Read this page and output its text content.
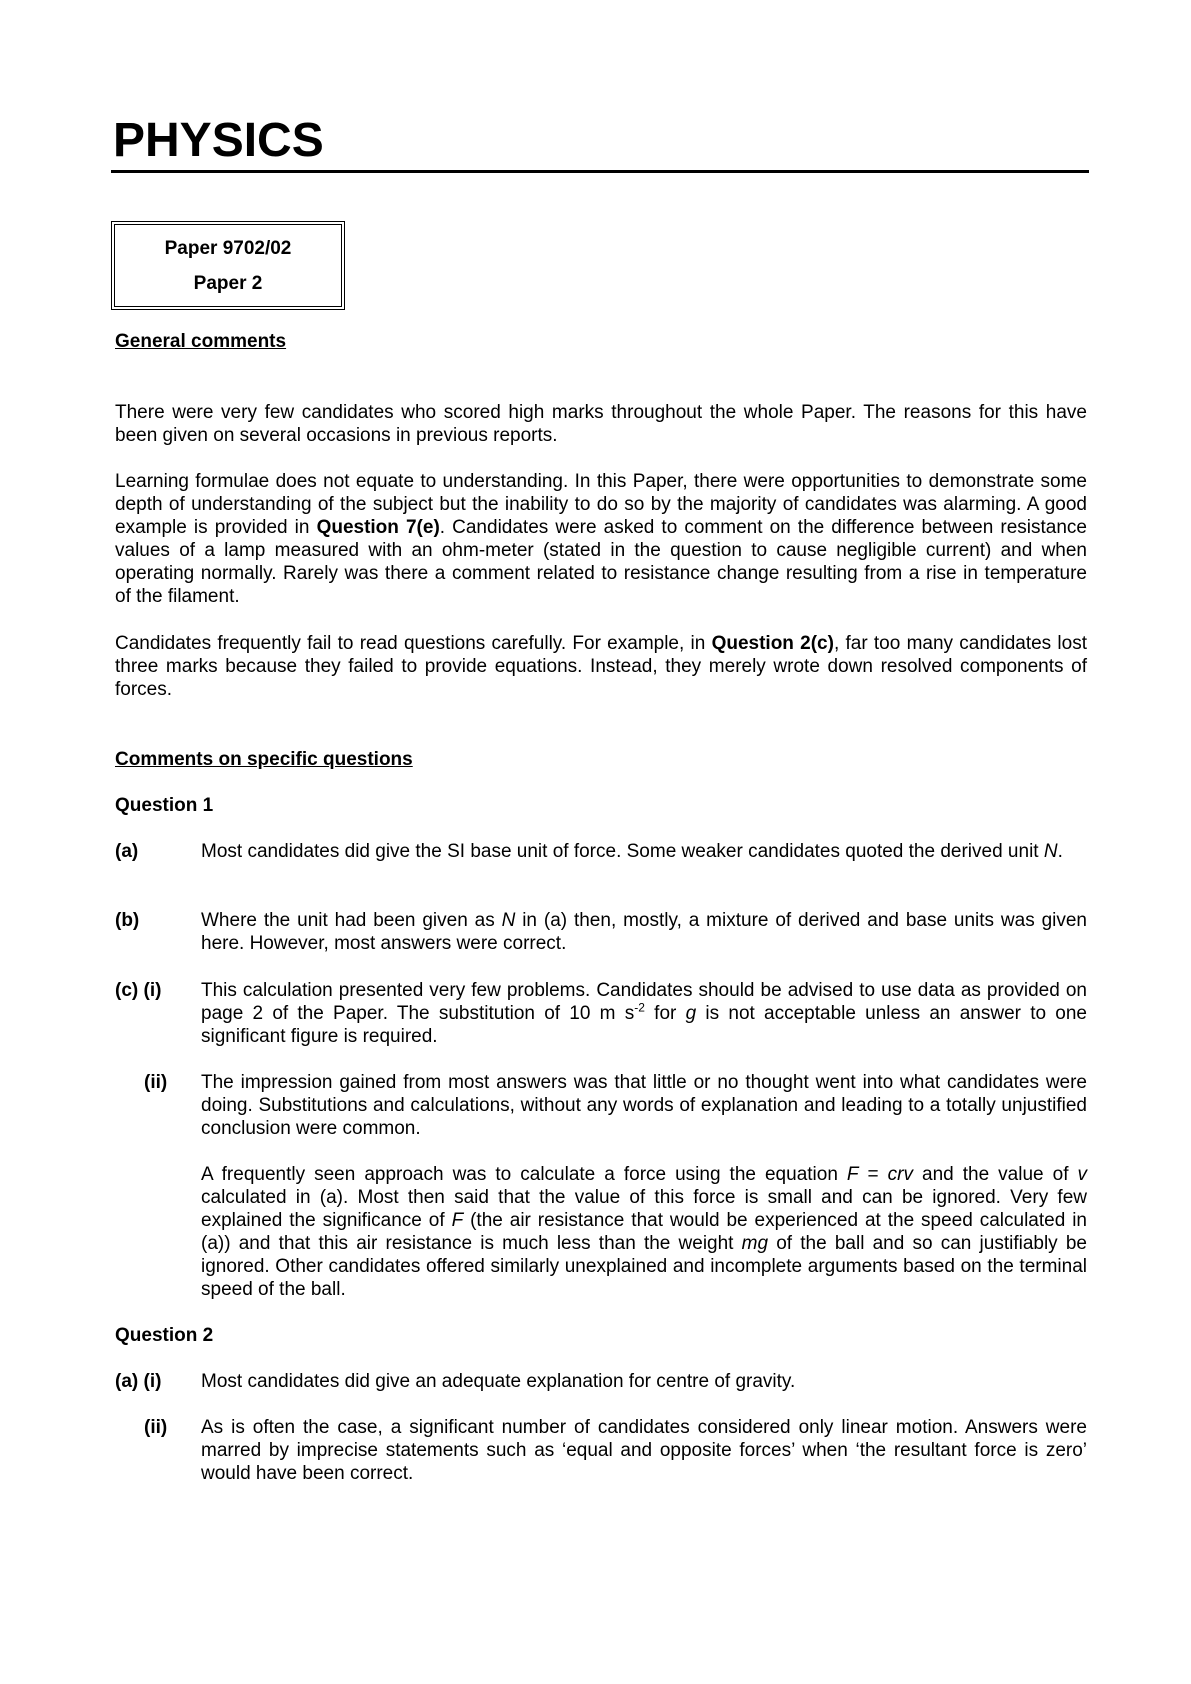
PHYSICS
Paper 9702/02
Paper 2
General comments

There were very few candidates who scored high marks throughout the whole Paper. The reasons for this have been given on several occasions in previous reports.

Learning formulae does not equate to understanding. In this Paper, there were opportunities to demonstrate some depth of understanding of the subject but the inability to do so by the majority of candidates was alarming. A good example is provided in Question 7(e). Candidates were asked to comment on the difference between resistance values of a lamp measured with an ohm-meter (stated in the question to cause negligible current) and when operating normally. Rarely was there a comment related to resistance change resulting from a rise in temperature of the filament.

Candidates frequently fail to read questions carefully. For example, in Question 2(c), far too many candidates lost three marks because they failed to provide equations. Instead, they merely wrote down resolved components of forces.

Comments on specific questions
Question 1
(a)	Most candidates did give the SI base unit of force. Some weaker candidates quoted the derived unit N.
(b)	Where the unit had been given as N in (a) then, mostly, a mixture of derived and base units was given here. However, most answers were correct.
(c) (i) This calculation presented very few problems. Candidates should be advised to use data as provided on page 2 of the Paper. The substitution of 10 m $s^{-2}$ for g is not acceptable unless an answer to one significant figure is required.
(ii) The impression gained from most answers was that little or no thought went into what candidates were doing. Substitutions and calculations, without any words of explanation and leading to a totally unjustified conclusion were common.
A frequently seen approach was to calculate a force using the equation F = crv and the value of v calculated in (a). Most then said that the value of this force is small and can be ignored. Very few explained the significance of F (the air resistance that would be experienced at the speed calculated in (a)) and that this air resistance is much less than the weight mg of the ball and so can justifiably be ignored. Other candidates offered similarly unexplained and incomplete arguments based on the terminal speed of the ball.
Question 2
(a) (i) Most candidates did give an adequate explanation for centre of gravity.
(ii) As is often the case, a significant number of candidates considered only linear motion. Answers were marred by imprecise statements such as ‘equal and opposite forces’ when ‘the resultant force is zero’ would have been correct.
